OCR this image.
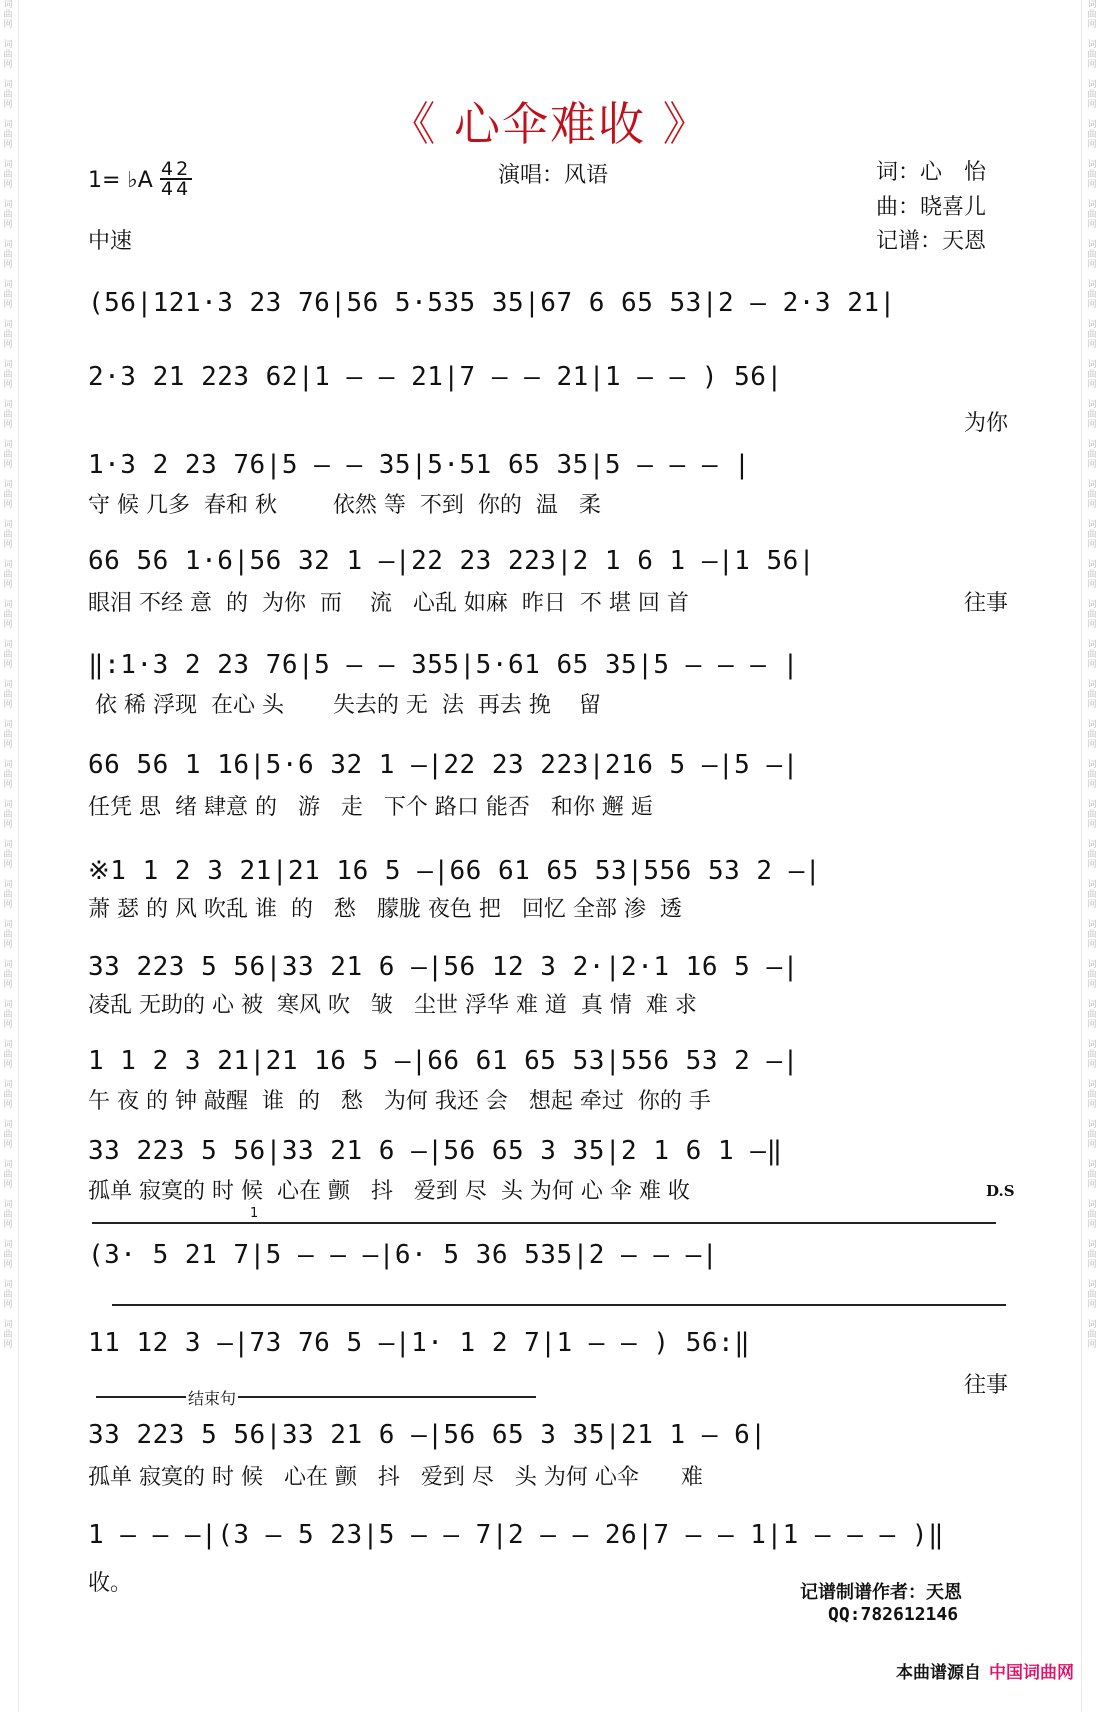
词
曲
网

词
曲
网

词
曲
网

词
曲
网

词
曲
网

词
曲
网

词
曲
网

词
曲
网

词
曲
网

词
曲
网

词
曲
网

词
曲
网

词
曲
网

词
曲
网

词
曲
网

词
曲
网

词
曲
网

词
曲
网

词
曲
网

词
曲
网

词
曲
网

词
曲
网

词
曲
网

词
曲
网

词
曲
网

词
曲
网

词
曲
网

词
曲
网

词
曲
网

词
曲
网

词
曲
网

词
曲
网

词
曲
网

词
曲
网

词
曲
网

词
曲
网

词
曲
网

词
曲
网

词
曲
网

词
曲
网

词
曲
网

词
曲
网

词
曲
网

词
曲
网

词
曲
网

词
曲
网

词
曲
网

词
曲
网

词
曲
网

词
曲
网

词
曲
网

词
曲
网

词
曲
网

词
曲
网

词
曲
网

词
曲
网

词
曲
网

词
曲
网

词
曲
网

词
曲
网

词
曲
网

词
曲
网

词
曲
网

词
曲
网

词
曲
网

词
曲
网

词
曲
网

词
曲
网

《 心伞难收 》
1= ♭A 42
44
中速
演唱：风语	词：心　怡
曲：晓喜儿
记谱：天恩
(56|121·3 23 76|56 5·535 35|67 6 65 53|2 – 2·3 21|
2·3 21 223 62|1 – – 21|7 – – 21|1 – – ) 56|
为你
1·3 2 23 76|5 – – 35|5·51 65 35|5 – – – |
守 候 几多  春和 秋        依然 等  不到  你的  温   柔
66 56 1·6|56 32 1 –|22 23 223|2 1 6 1 –|1 56|
眼泪 不经 意  的  为你  而    流   心乱 如麻  昨日  不 堪 回 首	往事
‖:1·3 2 23 76|5 – – 355|5·61 65 35|5 – – – |
依 稀 浮现  在心 头       失去的 无  法  再去 挽    留
66 56 1 16|5·6 32 1 –|22 23 223|216 5 –|5 –|
任凭 思  绪 肆意 的   游   走   下个 路口 能否   和你 邂 逅
※1 1 2 3 21|21 16 5 –|66 61 65 53|556 53 2 –|
萧 瑟 的 风 吹乱 谁  的   愁   朦胧 夜色 把   回忆 全部 渗  透
33 223 5 56|33 21 6 –|56 12 3 2·|2·1 16 5 –|
凌乱 无助的 心 被  寒风 吹   皱   尘世 浮华 难 道  真 情  难 求
1 1 2 3 21|21 16 5 –|66 61 65 53|556 53 2 –|
午 夜 的 钟 敲醒  谁  的   愁   为何 我还 会   想起 牵过  你的 手
33 223 5 56|33 21 6 –|56 65 3 35|2 1 6 1 –‖
孤单 寂寞的 时 候  心在 颤   抖   爱到 尽  头 为何 心 伞 难 收	D.S
1
(3· 5 21 7|5 – – –|6· 5 36 535|2 – – –|
11 12 3 –|73 76 5 –|1· 1 2 7|1 – – ) 56:‖
往事
结束句
33 223 5 56|33 21 6 –|56 65 3 35|21 1 – 6|
孤单 寂寞的 时 候   心在 颤   抖   爱到 尽   头 为何 心伞      难
1 – – –|(3 – 5 23|5 – – 7|2 – – 26|7 – – 1|1 – – – )‖
收。	记谱制谱作者：天恩
QQ:782612146
本曲谱源自 中国词曲网
